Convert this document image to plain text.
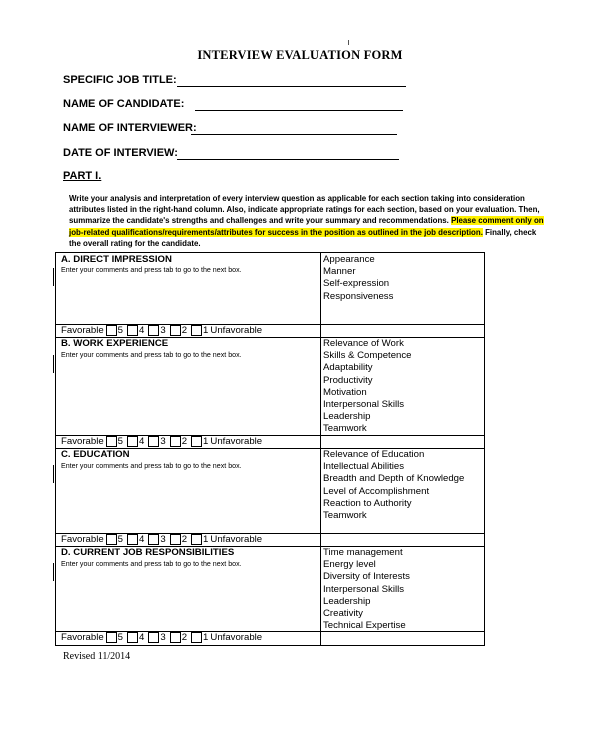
INTERVIEW EVALUATION FORM
SPECIFIC JOB TITLE:
NAME OF CANDIDATE:
NAME OF INTERVIEWER:
DATE OF INTERVIEW:
PART I.
Write your analysis and interpretation of every interview question as applicable for each section taking into consideration attributes listed in the right-hand column. Also, indicate appropriate ratings for each section, based on your evaluation. Then, summarize the candidate's strengths and challenges and write your summary and recommendations. Please comment only on job-related qualifications/requirements/attributes for success in the position as outlined in the job description. Finally, check the overall rating for the candidate.
A. DIRECT IMPRESSION
Enter your comments and press tab to go to the next box.
Appearance
Manner
Self-expression
Responsiveness
Favorable 5 4 3 2 1 Unfavorable
B. WORK EXPERIENCE
Enter your comments and press tab to go to the next box.
Relevance of Work
Skills & Competence
Adaptability
Productivity
Motivation
Interpersonal Skills
Leadership
Teamwork
Favorable 5 4 3 2 1 Unfavorable
C. EDUCATION
Enter your comments and press tab to go to the next box.
Relevance of Education
Intellectual Abilities
Breadth and Depth of Knowledge
Level of Accomplishment
Reaction to Authority
Teamwork
Favorable 5 4 3 2 1 Unfavorable
D. CURRENT JOB RESPONSIBILITIES
Enter your comments and press tab to go to the next box.
Time management
Energy level
Diversity of Interests
Interpersonal Skills
Leadership
Creativity
Technical Expertise
Favorable 5 4 3 2 1 Unfavorable
Revised 11/2014
